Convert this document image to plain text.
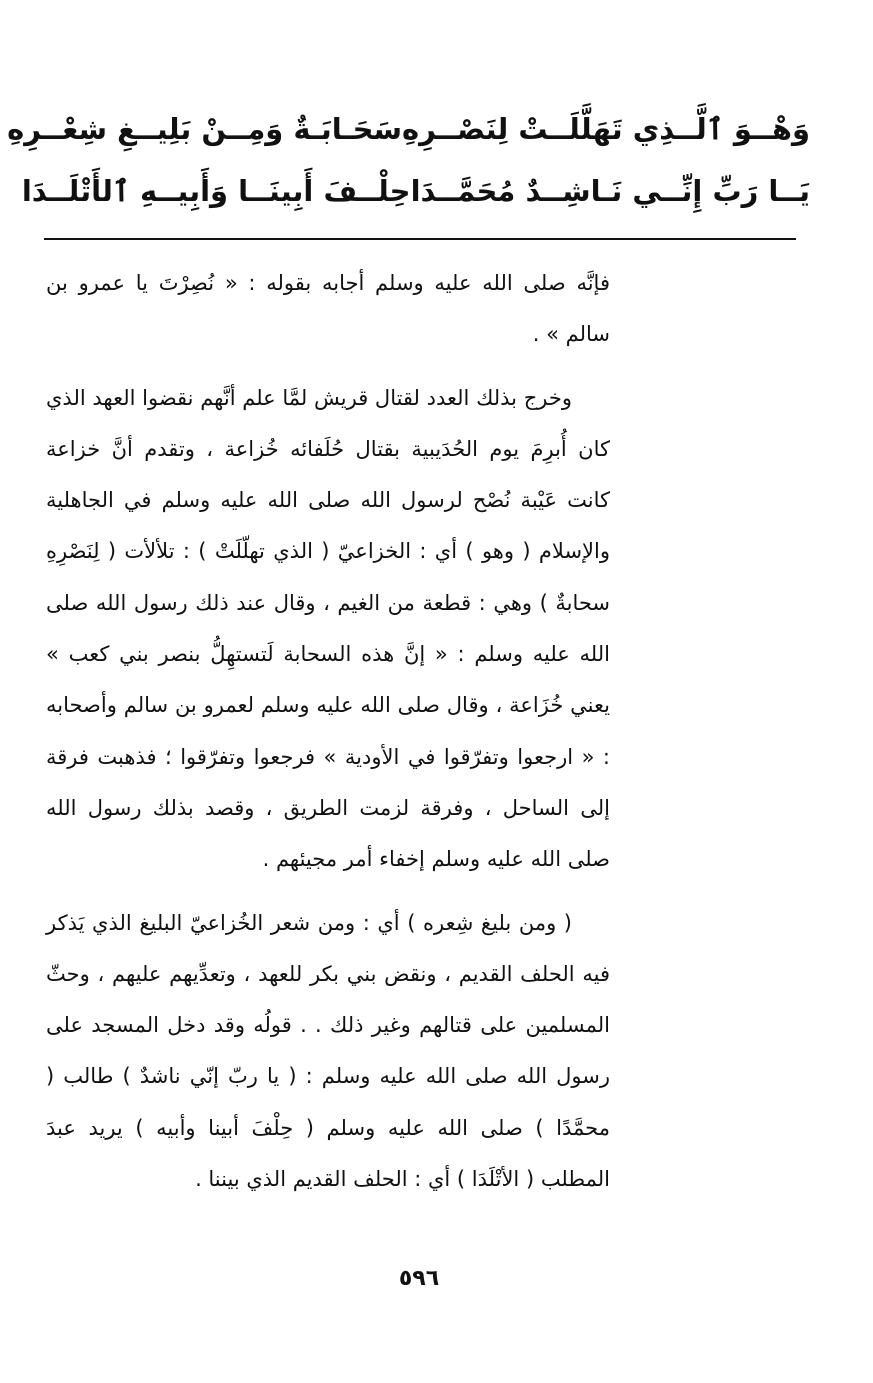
وَهْــوَ ٱلَّــذِي تَهَلَّلَــتْ لِنَصْــرِهِ
سَحَـابَـةٌ وَمِــنْ بَلِيــغِ شِعْــرِهِ
يَــا رَبِّ إِنِّــي نَـاشِــدٌ مُحَمَّــدَا
حِلْــفَ أَبِينَــا وَأَبِيــهِ ٱلأَتْلَــدَا

فإنَّه صلى الله عليه وسلم أجابه بقوله : « نُصِرْتَ يا عمرو بن سالم » .

وخرج بذلك العدد لقتال قريش لمَّا علم أنَّهم نقضوا العهد الذي كان أُبرِمَ يوم الحُدَيبية بقتال حُلَفائه خُزاعة ، وتقدم أنَّ خزاعة كانت عَيْبة نُصْح لرسول الله صلى الله عليه وسلم في الجاهلية والإسلام ( وهو ) أي : الخزاعيّ ( الذي تهلّلَتْ ) : تلألأت ( لِنَصْرِهِ سحابةٌ ) وهي : قطعة من الغيم ، وقال عند ذلك رسول الله صلى الله عليه وسلم : « إنَّ هذه السحابة لَتستهِلُّ بنصر بني كعب » يعني خُزَاعة ، وقال صلى الله عليه وسلم لعمرو بن سالم وأصحابه : « ارجعوا وتفرّقوا في الأودية » فرجعوا وتفرّقوا ؛ فذهبت فرقة إلى الساحل ، وفرقة لزمت الطريق ، وقصد بذلك رسول الله صلى الله عليه وسلم إخفاء أمر مجيئهم .

( ومن بليغ شِعره ) أي : ومن شعر الخُزاعيّ البليغ الذي يَذكر فيه الحلف القديم ، ونقض بني بكر للعهد ، وتعدِّيهم عليهم ، وحثّ المسلمين على قتالهم وغير ذلك . . قولُه وقد دخل المسجد على رسول الله صلى الله عليه وسلم : ( يا ربّ إنّي ناشدٌ ) طالب ( محمَّدًا ) صلى الله عليه وسلم ( حِلْفَ أبينا وأبيه ) يريد عبدَ المطلب ( الأتْلَدَا ) أي : الحلف القديم الذي بيننا .

٥٩٦
